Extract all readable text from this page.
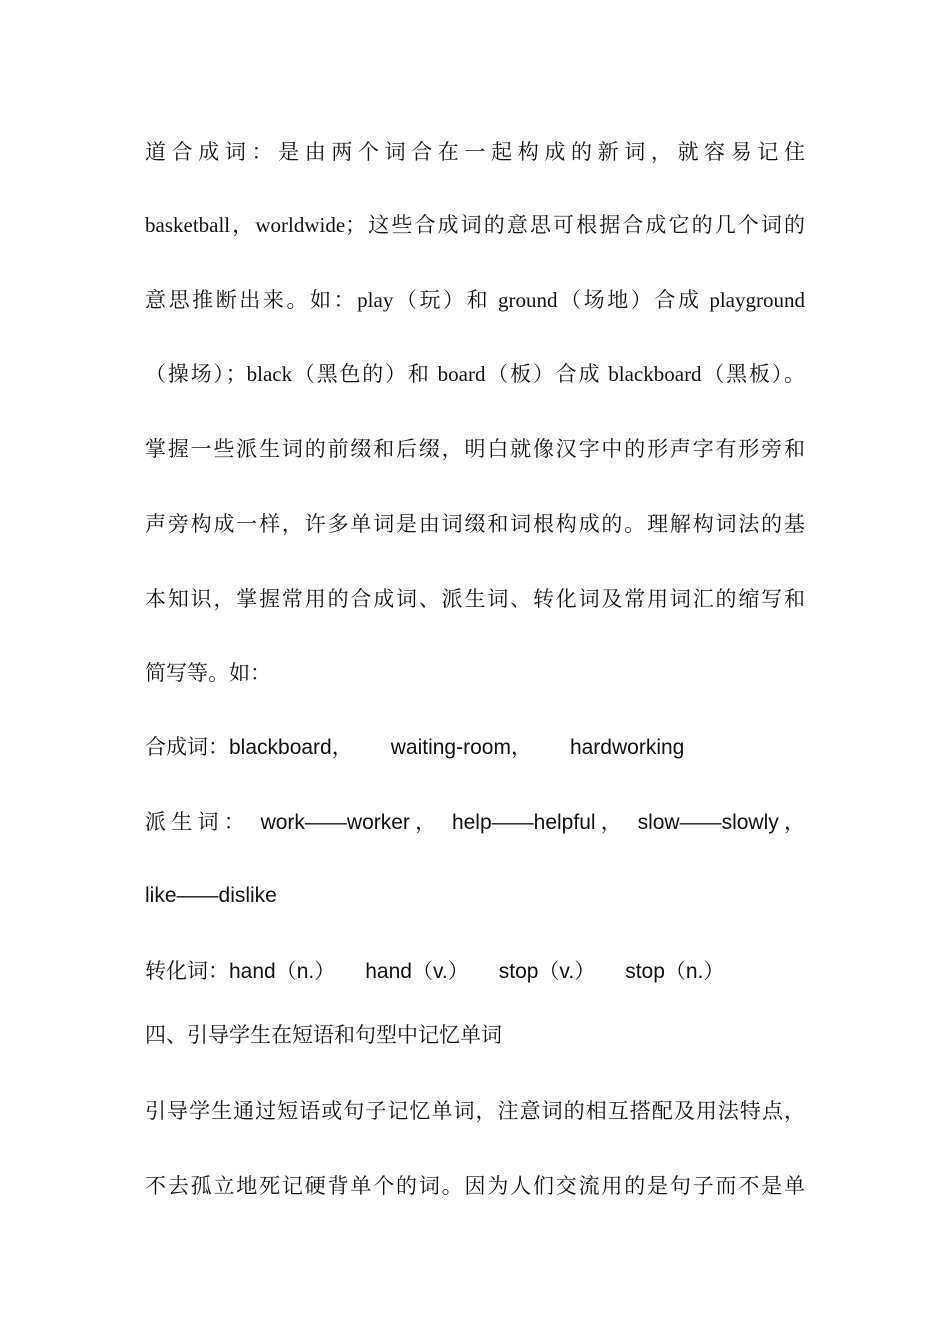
道合成词：是由两个词合在一起构成的新词，就容易记住
basketball，worldwide；这些合成词的意思可根据合成它的几个词的
意思推断出来。如：play（玩）和 ground（场地）合成 playground
（操场）；black（黑色的）和 board（板）合成 blackboard（黑板）。
掌握一些派生词的前缀和后缀，明白就像汉字中的形声字有形旁和
声旁构成一样，许多单词是由词缀和词根构成的。理解构词法的基
本知识，掌握常用的合成词、派生词、转化词及常用词汇的缩写和
简写等。如：
合成词：blackboard， waiting-room， hardworking
派生词： work——worker， help——helpful， slow——slowly，
like——dislike
转化词：hand（n.） hand（v.） stop（v.） stop（n.）
四、引导学生在短语和句型中记忆单词
引导学生通过短语或句子记忆单词，注意词的相互搭配及用法特点，
不去孤立地死记硬背单个的词。因为人们交流用的是句子而不是单
